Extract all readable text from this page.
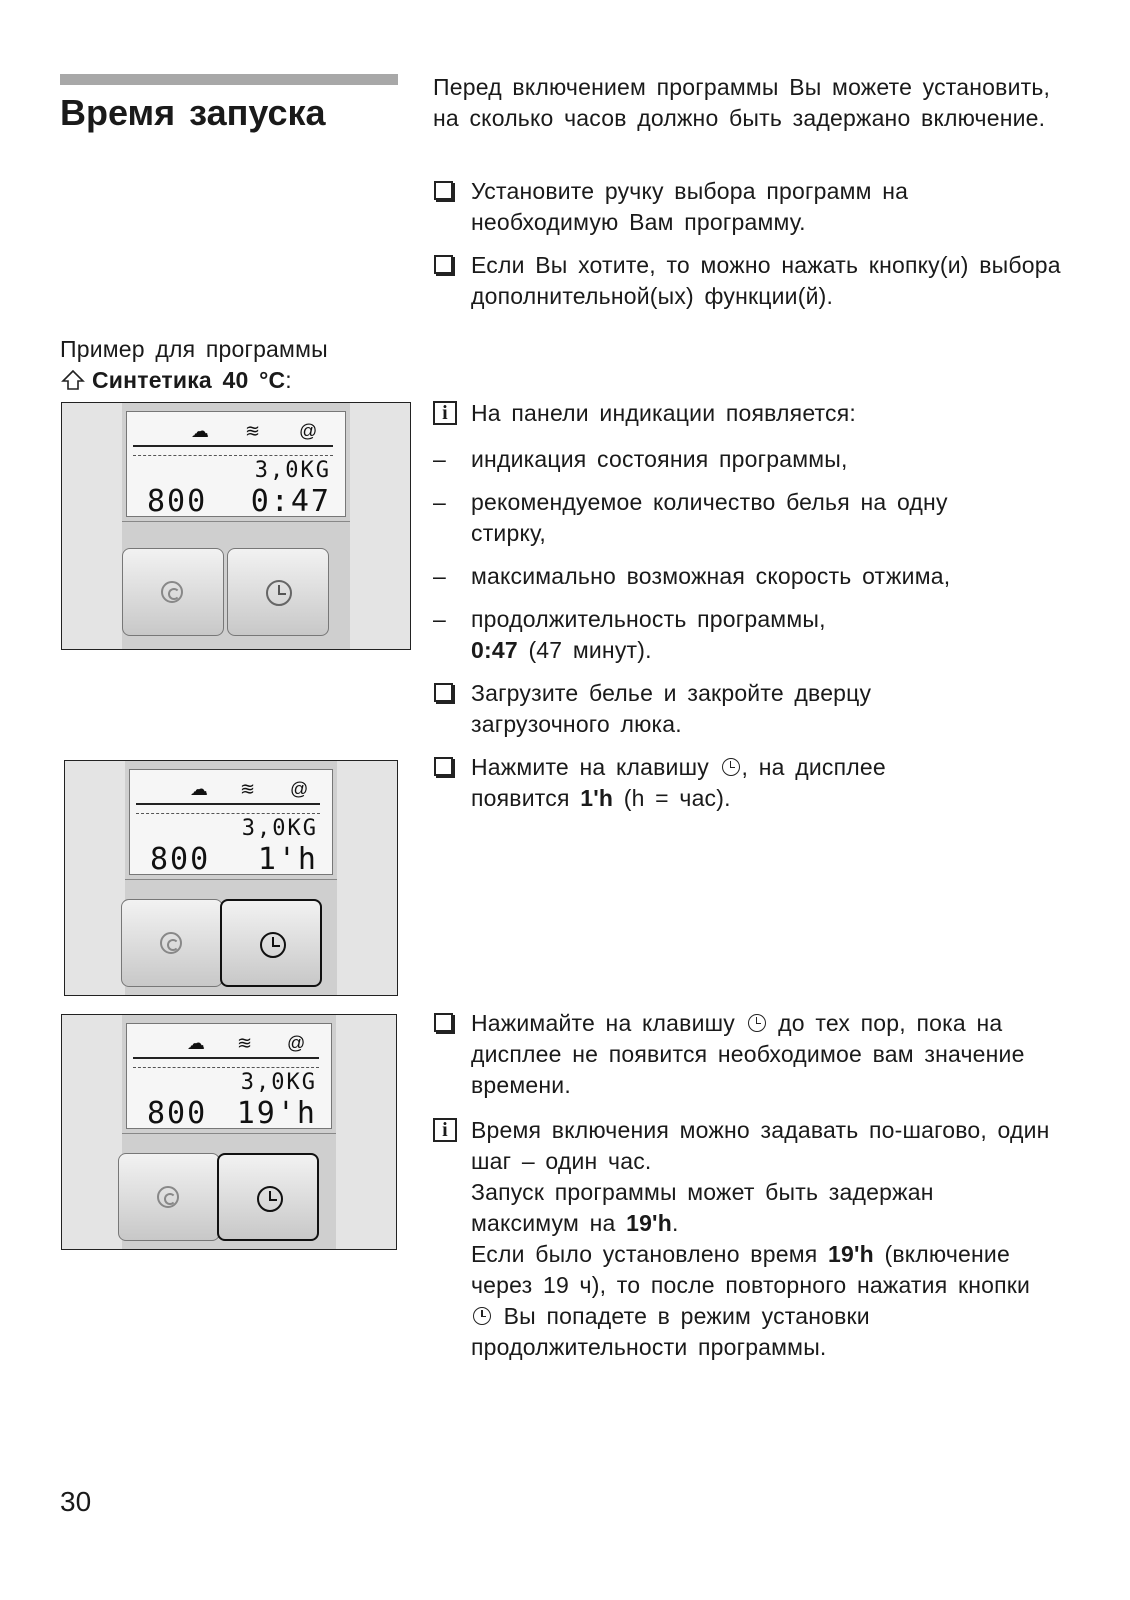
Время запуска
Перед включением программы Вы можете установить, на сколько часов должно быть задержано включение.
Установите ручку выбора программ на необходимую Вам программу.
Если Вы хотите, то можно нажать кнопку(и) выбора дополнительной(ых) функции(й).
Пример для программы
Синтетика 40 °C:
i	На панели индикации появляется:
–	индикация состояния программы,
–	рекомендуемое количество белья на одну стирку,
–	максимально возможная скорость отжима,
–	продолжительность программы,
0:47 (47 минут).
Загрузите белье и закройте дверцу загрузочного люка.
Нажмите на клавишу , на дисплее появится 1'h (h = час).
Нажимайте на клавишу до тех пор, пока на дисплее не появится необходимое вам значение времени.
i	Время включения можно задавать по-шагово, один шаг – один час.
Запуск программы может быть задержан максимум на 19'h.
Если было установлено время 19'h (включение через 19 ч), то после повторного нажатия кнопки  Вы попадете в режим установки продолжительности программы.
☁ ≋ @
3,0KG
800 0:47
☁ ≋ @
3,0KG
800 1'h
☁ ≋ @
3,0KG
800 19'h
30
